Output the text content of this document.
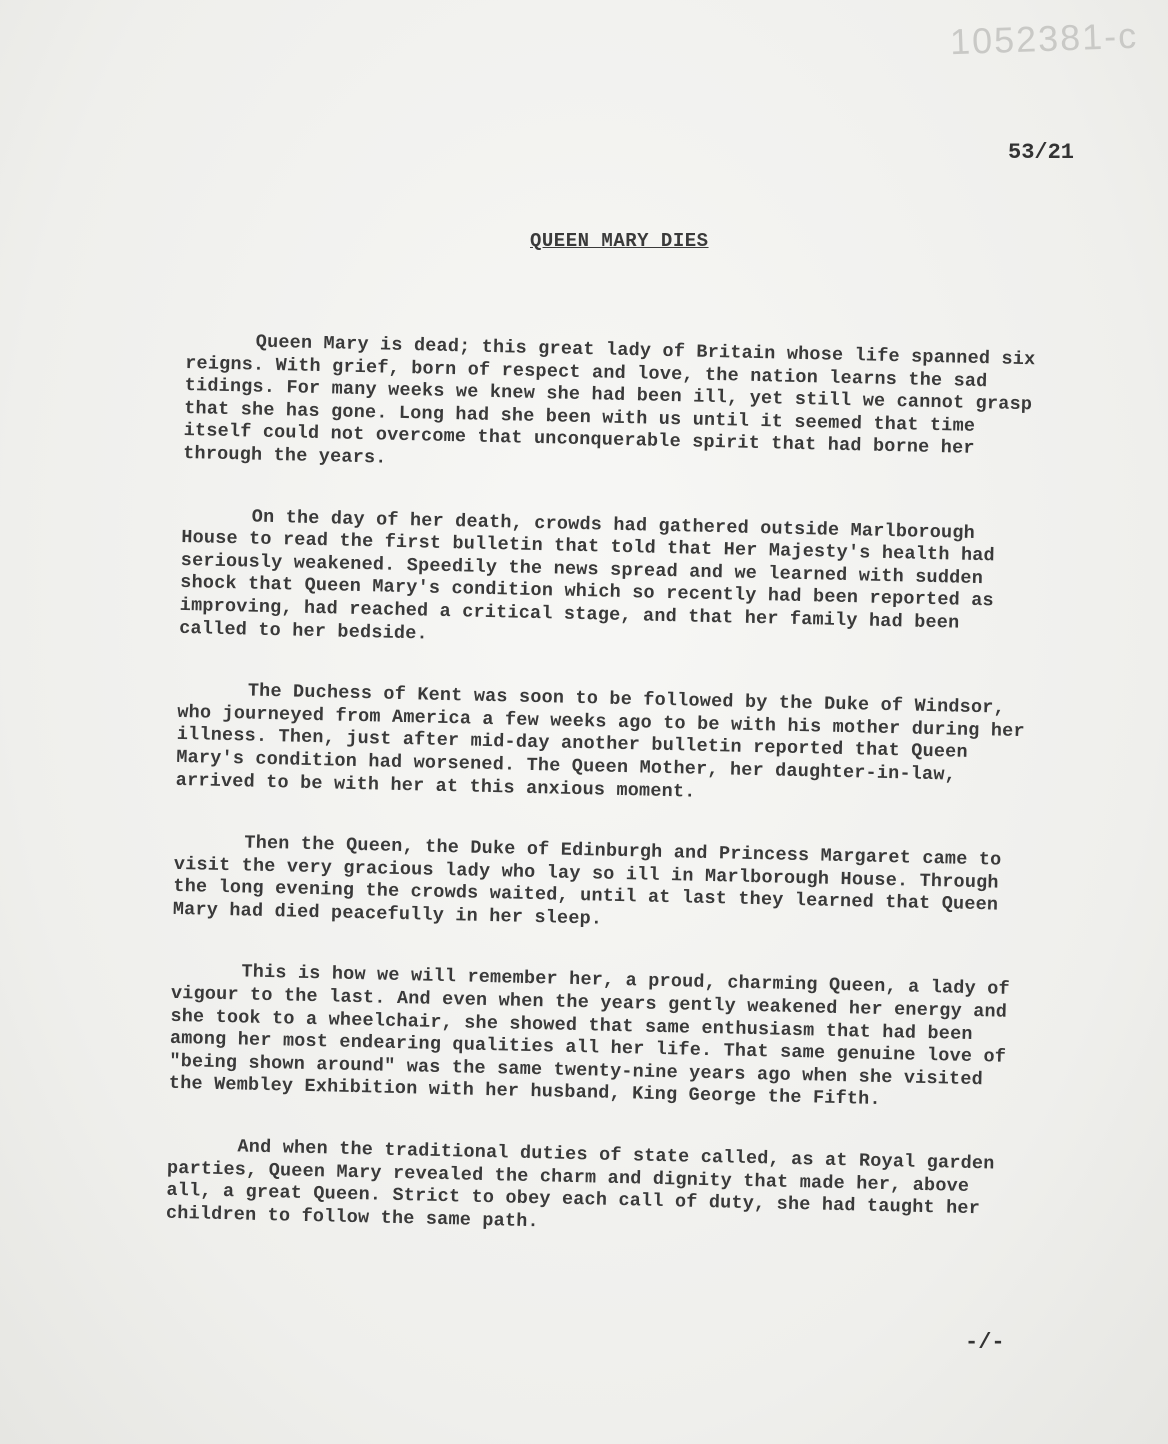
1052381-c
53/21
QUEEN MARY DIES

Queen Mary is dead; this great lady of Britain whose life spanned six reigns. With grief, born of respect and love, the nation learns the sad tidings. For many weeks we knew she had been ill, yet still we cannot grasp that she has gone. Long had she been with us until it seemed that time itself could not overcome that unconquerable spirit that had borne her through the years.

On the day of her death, crowds had gathered outside Marlborough House to read the first bulletin that told that Her Majesty's health had seriously weakened. Speedily the news spread and we learned with sudden shock that Queen Mary's condition which so recently had been reported as improving, had reached a critical stage, and that her family had been called to her bedside.

The Duchess of Kent was soon to be followed by the Duke of Windsor, who journeyed from America a few weeks ago to be with his mother during her illness. Then, just after mid-day another bulletin reported that Queen Mary's condition had worsened. The Queen Mother, her daughter-in-law, arrived to be with her at this anxious moment.

Then the Queen, the Duke of Edinburgh and Princess Margaret came to visit the very gracious lady who lay so ill in Marlborough House. Through the long evening the crowds waited, until at last they learned that Queen Mary had died peacefully in her sleep.

This is how we will remember her, a proud, charming Queen, a lady of vigour to the last. And even when the years gently weakened her energy and she took to a wheelchair, she showed that same enthusiasm that had been among her most endearing qualities all her life. That same genuine love of "being shown around" was the same twenty-nine years ago when she visited the Wembley Exhibition with her husband, King George the Fifth.

And when the traditional duties of state called, as at Royal garden parties, Queen Mary revealed the charm and dignity that made her, above all, a great Queen. Strict to obey each call of duty, she had taught her children to follow the same path.

-/-
